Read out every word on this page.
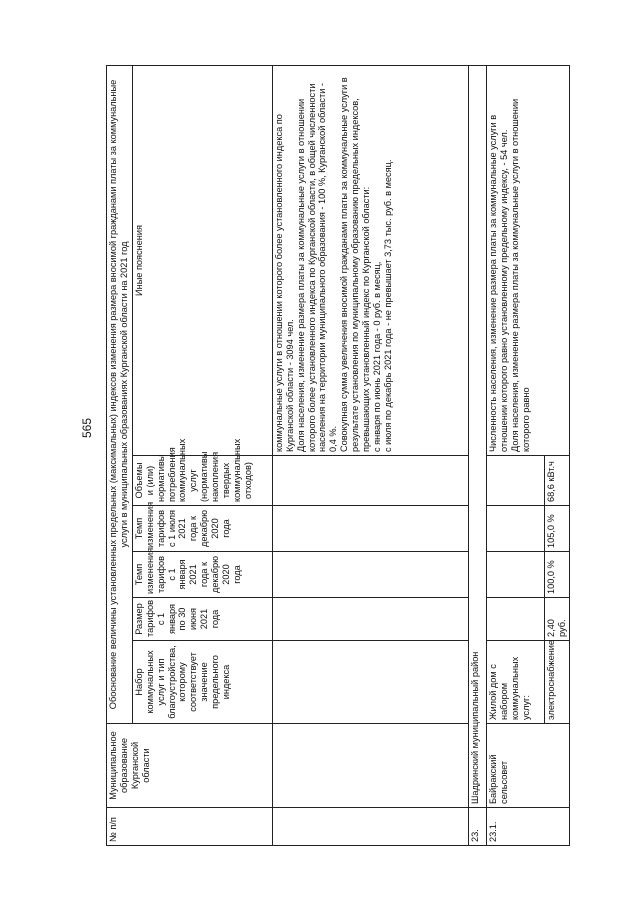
565
№ п/п	Муниципальное образование Курганской области	Обоснование величины установленных предельных (максимальных) индексов изменения размера вносимой гражданами платы за коммунальные услуги в муниципальных образованиях Курганской области на 2021 год					
		Набор коммунальных услуг и тип благоустройства, которому соответствует значение предельного индекса	Размер тарифов с 1 января по 30 июня 2021 года	Темп изменения тарифов с 1 января 2021 года к декабрю 2020 года	Темп изменения тарифов с 1 июля 2021 года к декабрю 2020 года	Объемы и (или) нормативы потребления коммунальных услуг (нормативы накопления твердых коммунальных отходов)	Иные пояснения
							коммунальные услуги в отношении которого более установленного индекса по Курганской области - 3094 чел.
Доля населения, изменение размера платы за коммунальные услуги в отношении которого более установленного индекса по Курганской области, в общей численности населения на территории муниципального образования - 100 %, Курганской области - 0,4 %.
Совокупная сумма увеличения вносимой гражданами платы за коммунальные услуги в результате установления по муниципальному образованию предельных индексов, превышающих установленный индекс по Курганской области:
с января по июнь 2021 года - 0 руб. в месяц,
с июля по декабрь 2021 года - не превышает 3,73 тыс. руб. в месяц.
23.	Шадринский муниципальный район						
23.1.	Байракский сельсовет	Жилой дом с набором коммунальных услуг:					Численность населения, изменение размера платы за коммунальные услуги в отношении которого равно установленному предельному индексу, - 54 чел.
Доля населения, изменение размера платы за коммунальные услуги в отношении которого равно
		электроснабжение	2,40 руб.	100,0 %	105,0 %	68,6 кВт.ч	
